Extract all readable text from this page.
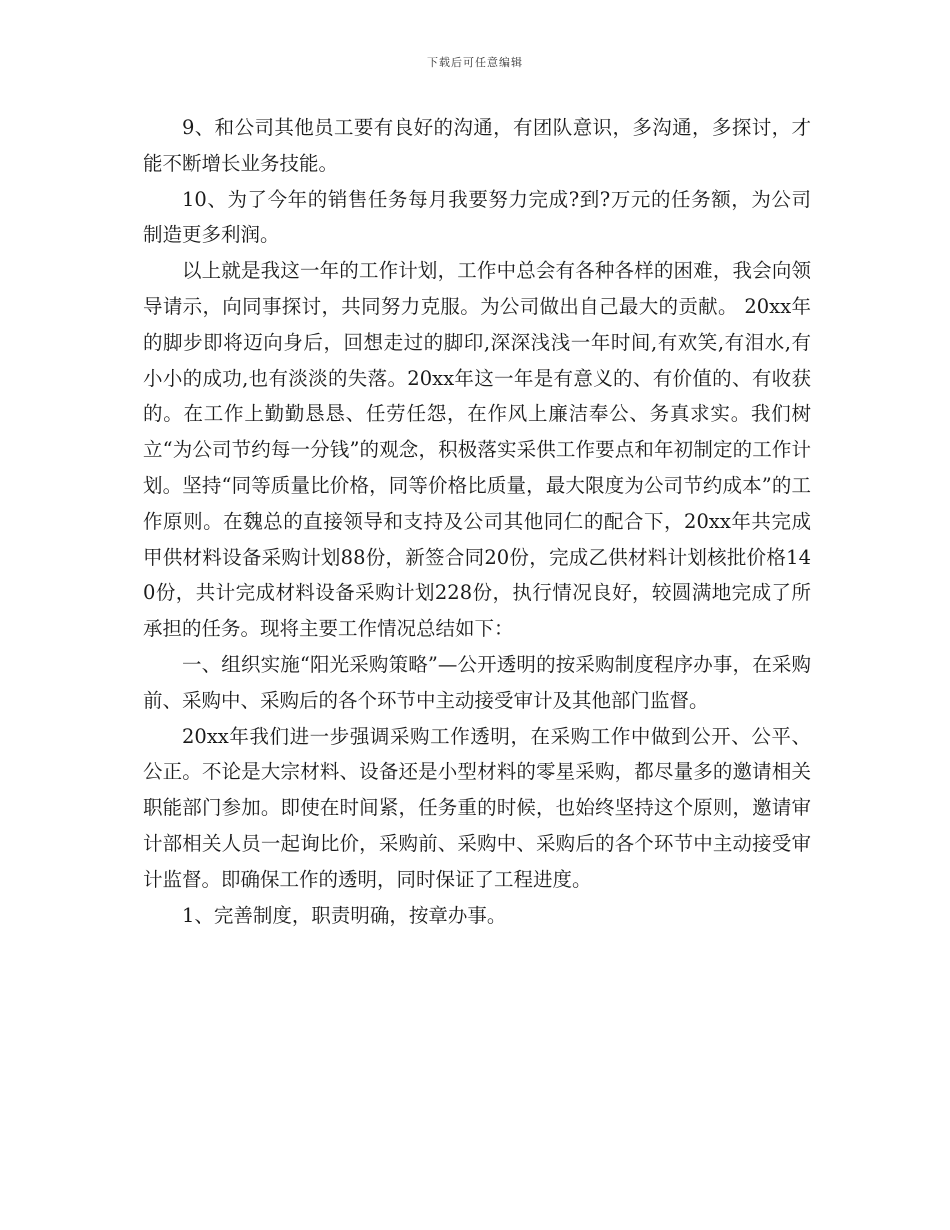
下载后可任意编辑

9、和公司其他员工要有良好的沟通，有团队意识，多沟通，多探讨，才能不断增长业务技能。

10、为了今年的销售任务每月我要努力完成?到?万元的任务额，为公司制造更多利润。

以上就是我这一年的工作计划，工作中总会有各种各样的困难，我会向领导请示，向同事探讨，共同努力克服。为公司做出自己最大的贡献。 20xx年的脚步即将迈向身后，回想走过的脚印,深深浅浅一年时间,有欢笑,有泪水,有小小的成功,也有淡淡的失落。20xx年这一年是有意义的、有价值的、有收获的。在工作上勤勤恳恳、任劳任怨，在作风上廉洁奉公、务真求实。我们树立“为公司节约每一分钱”的观念，积极落实采供工作要点和年初制定的工作计划。坚持“同等质量比价格，同等价格比质量，最大限度为公司节约成本”的工作原则。在魏总的直接领导和支持及公司其他同仁的配合下，20xx年共完成甲供材料设备采购计划88份，新签合同20份，完成乙供材料计划核批价格140份，共计完成材料设备采购计划228份，执行情况良好，较圆满地完成了所承担的任务。现将主要工作情况总结如下：

一、组织实施“阳光采购策略”—公开透明的按采购制度程序办事，在采购前、采购中、采购后的各个环节中主动接受审计及其他部门监督。

20xx年我们进一步强调采购工作透明，在采购工作中做到公开、公平、公正。不论是大宗材料、设备还是小型材料的零星采购，都尽量多的邀请相关职能部门参加。即使在时间紧，任务重的时候，也始终坚持这个原则，邀请审计部相关人员一起询比价，采购前、采购中、采购后的各个环节中主动接受审计监督。即确保工作的透明，同时保证了工程进度。

1、完善制度，职责明确，按章办事。
